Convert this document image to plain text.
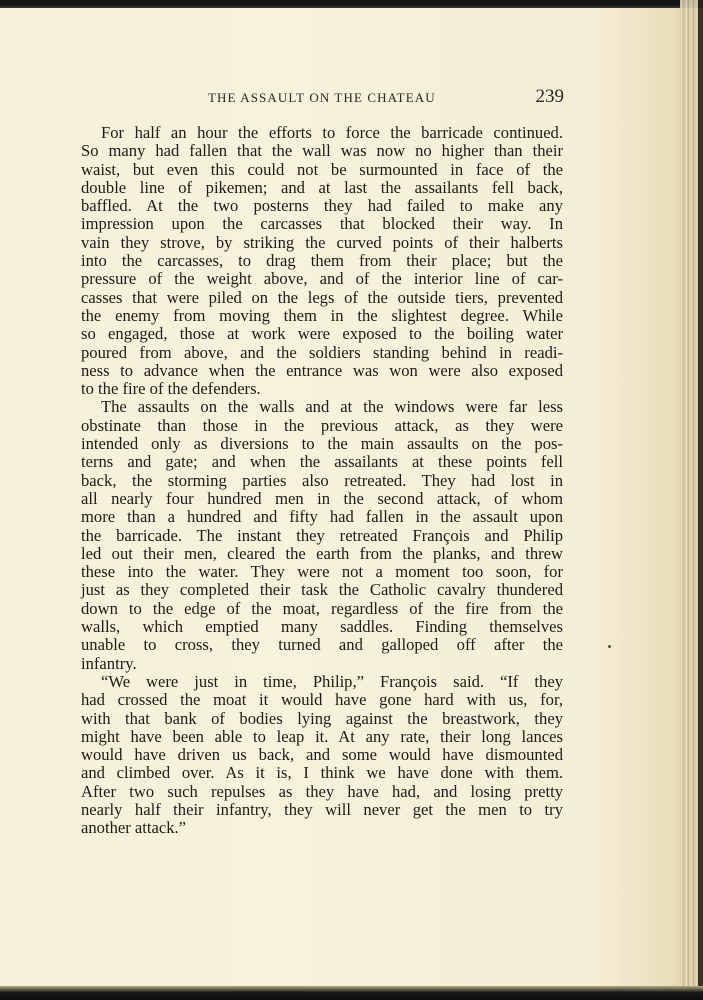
THE ASSAULT ON THE CHATEAU	239
For half an hour the efforts to force the barricade continued.
So many had fallen that the wall was now no higher than their
waist, but even this could not be surmounted in face of the
double line of pikemen; and at last the assailants fell back,
baffled. At the two posterns they had failed to make any
impression upon the carcasses that blocked their way. In
vain they strove, by striking the curved points of their halberts
into the carcasses, to drag them from their place; but the
pressure of the weight above, and of the interior line of car-
casses that were piled on the legs of the outside tiers, prevented
the enemy from moving them in the slightest degree. While
so engaged, those at work were exposed to the boiling water
poured from above, and the soldiers standing behind in readi-
ness to advance when the entrance was won were also exposed
to the fire of the defenders.
The assaults on the walls and at the windows were far less
obstinate than those in the previous attack, as they were
intended only as diversions to the main assaults on the pos-
terns and gate; and when the assailants at these points fell
back, the storming parties also retreated. They had lost in
all nearly four hundred men in the second attack, of whom
more than a hundred and fifty had fallen in the assault upon
the barricade. The instant they retreated François and Philip
led out their men, cleared the earth from the planks, and threw
these into the water. They were not a moment too soon, for
just as they completed their task the Catholic cavalry thundered
down to the edge of the moat, regardless of the fire from the
walls, which emptied many saddles. Finding themselves
unable to cross, they turned and galloped off after the
infantry.
“We were just in time, Philip,” François said. “If they
had crossed the moat it would have gone hard with us, for,
with that bank of bodies lying against the breastwork, they
might have been able to leap it. At any rate, their long lances
would have driven us back, and some would have dismounted
and climbed over. As it is, I think we have done with them.
After two such repulses as they have had, and losing pretty
nearly half their infantry, they will never get the men to try
another attack.”
